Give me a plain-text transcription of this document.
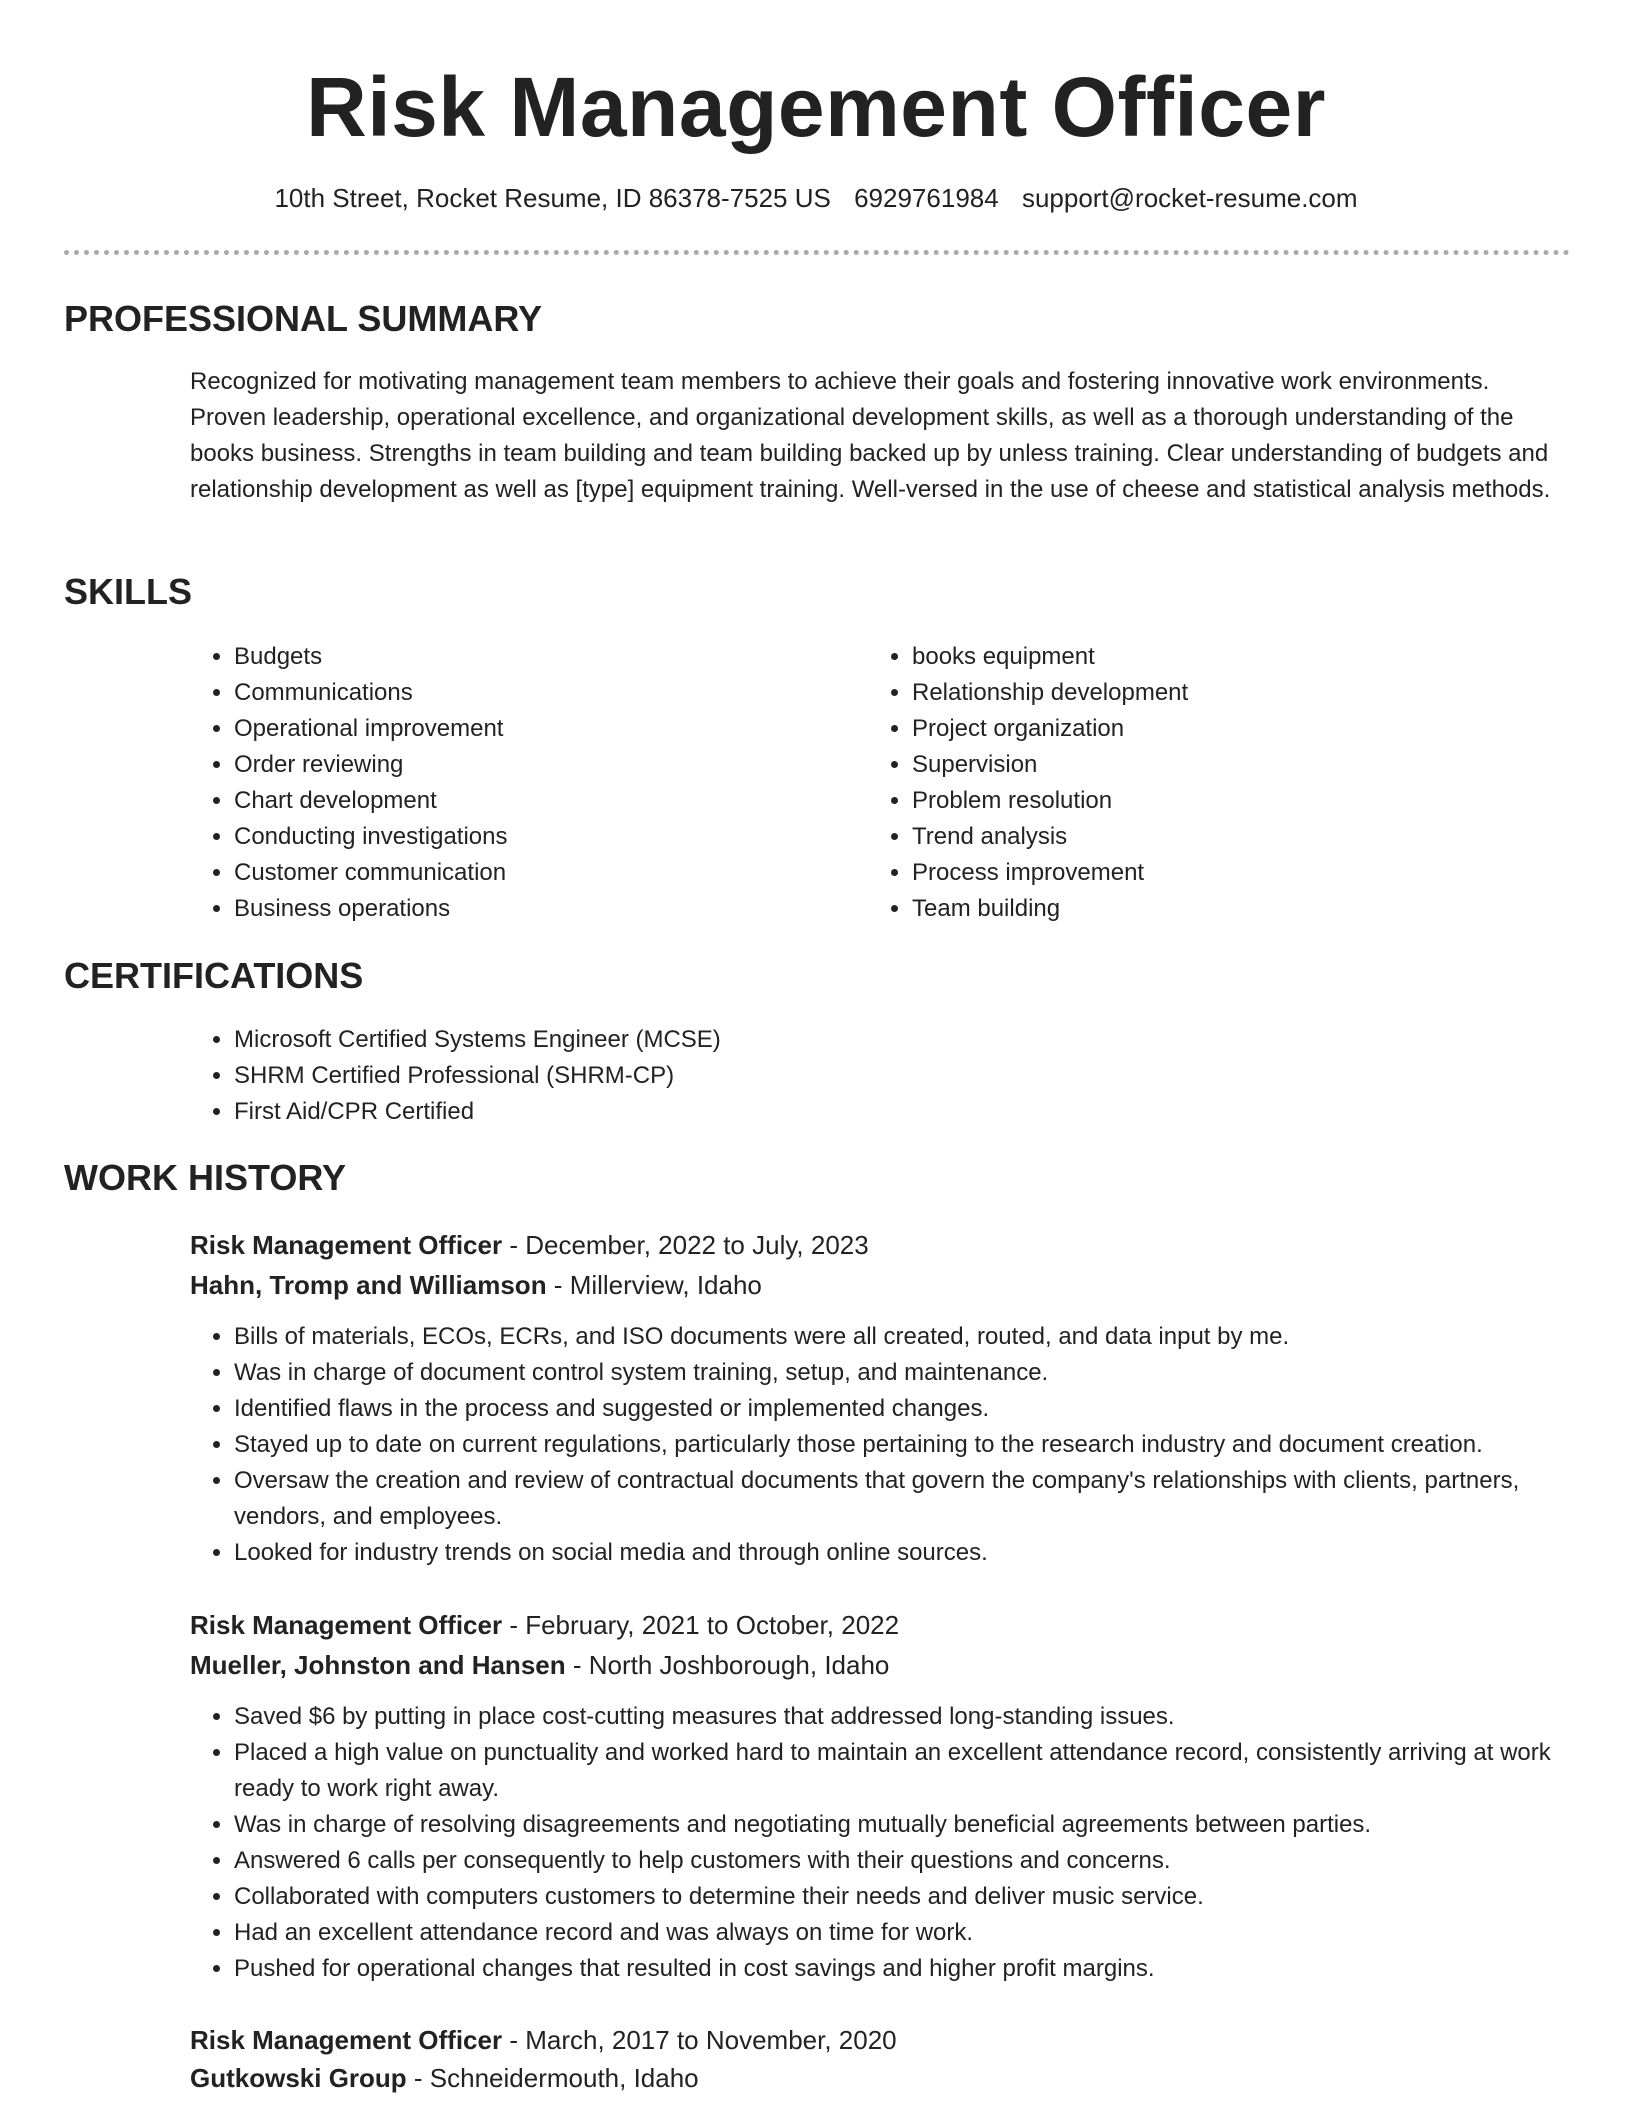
Risk Management Officer
10th Street, Rocket Resume, ID 86378-7525 US 6929761984 support@rocket-resume.com
PROFESSIONAL SUMMARY

Recognized for motivating management team members to achieve their goals and fostering innovative work environments. Proven leadership, operational excellence, and organizational development skills, as well as a thorough understanding of the books business. Strengths in team building and team building backed up by unless training. Clear understanding of budgets and relationship development as well as [type] equipment training. Well-versed in the use of cheese and statistical analysis methods.

SKILLS
• Budgets
• Communications
• Operational improvement
• Order reviewing
• Chart development
• Conducting investigations
• Customer communication
• Business operations
• books equipment
• Relationship development
• Project organization
• Supervision
• Problem resolution
• Trend analysis
• Process improvement
• Team building
CERTIFICATIONS
• Microsoft Certified Systems Engineer (MCSE)
• SHRM Certified Professional (SHRM-CP)
• First Aid/CPR Certified
WORK HISTORY
Risk Management Officer - December, 2022 to July, 2023
Hahn, Tromp and Williamson - Millerview, Idaho
• Bills of materials, ECOs, ECRs, and ISO documents were all created, routed, and data input by me.
• Was in charge of document control system training, setup, and maintenance.
• Identified flaws in the process and suggested or implemented changes.
• Stayed up to date on current regulations, particularly those pertaining to the research industry and document creation.
• Oversaw the creation and review of contractual documents that govern the company's relationships with clients, partners, vendors, and employees.
• Looked for industry trends on social media and through online sources.
Risk Management Officer - February, 2021 to October, 2022
Mueller, Johnston and Hansen - North Joshborough, Idaho
• Saved $6 by putting in place cost-cutting measures that addressed long-standing issues.
• Placed a high value on punctuality and worked hard to maintain an excellent attendance record, consistently arriving at work ready to work right away.
• Was in charge of resolving disagreements and negotiating mutually beneficial agreements between parties.
• Answered 6 calls per consequently to help customers with their questions and concerns.
• Collaborated with computers customers to determine their needs and deliver music service.
• Had an excellent attendance record and was always on time for work.
• Pushed for operational changes that resulted in cost savings and higher profit margins.
Risk Management Officer - March, 2017 to November, 2020
Gutkowski Group - Schneidermouth, Idaho
